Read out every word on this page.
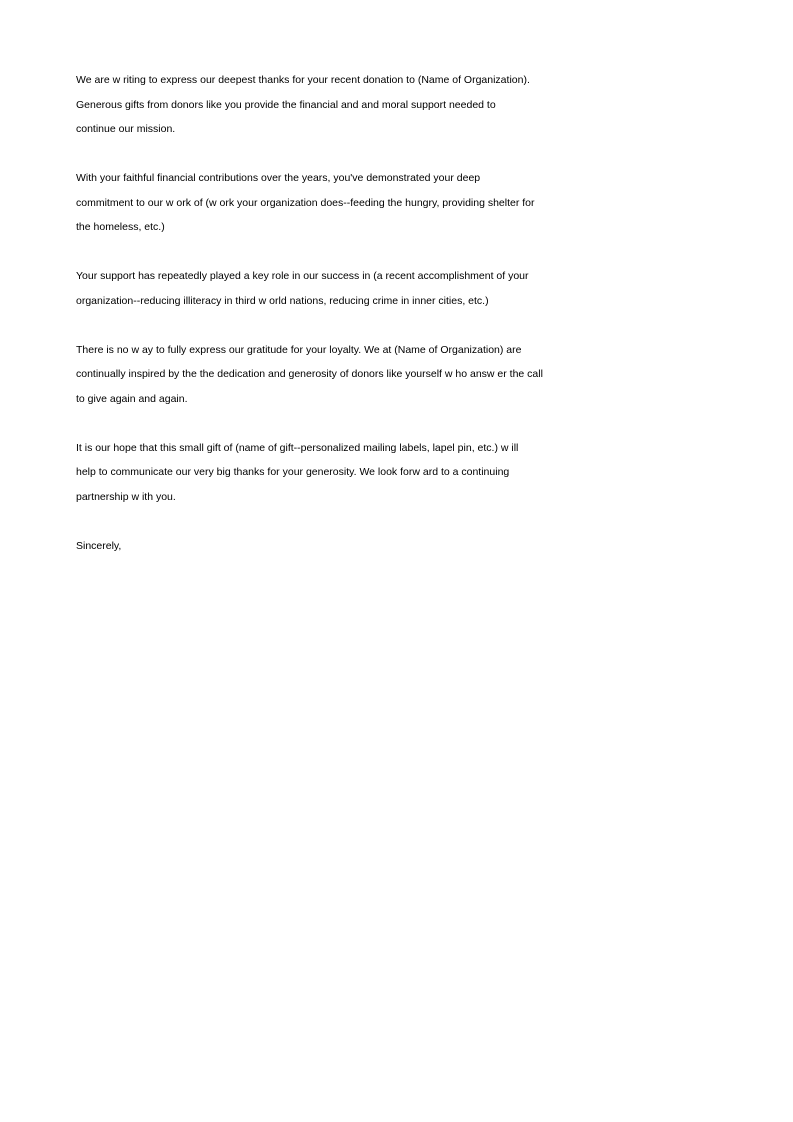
We are w riting to express our deepest thanks for your recent donation to (Name of Organization).
Generous gifts from donors like you provide the financial and and moral support needed to
continue our mission.
With your faithful financial contributions over the years, you've demonstrated your deep
commitment to our w ork of (w ork your organization does--feeding the hungry, providing shelter for
the homeless, etc.)
Your support has repeatedly played a key role in our success in (a recent accomplishment of your
organization--reducing illiteracy in third w orld nations, reducing crime in inner cities, etc.)
There is no w ay to fully express our gratitude for your loyalty. We at (Name of Organization) are
continually inspired by the the dedication and generosity of donors like yourself w ho answ er the call
to give again and again.
It is our hope that this small gift of (name of gift--personalized mailing labels, lapel pin, etc.) w ill
help to communicate our very big thanks for your generosity. We look forw ard to a continuing
partnership w ith you.
Sincerely,
